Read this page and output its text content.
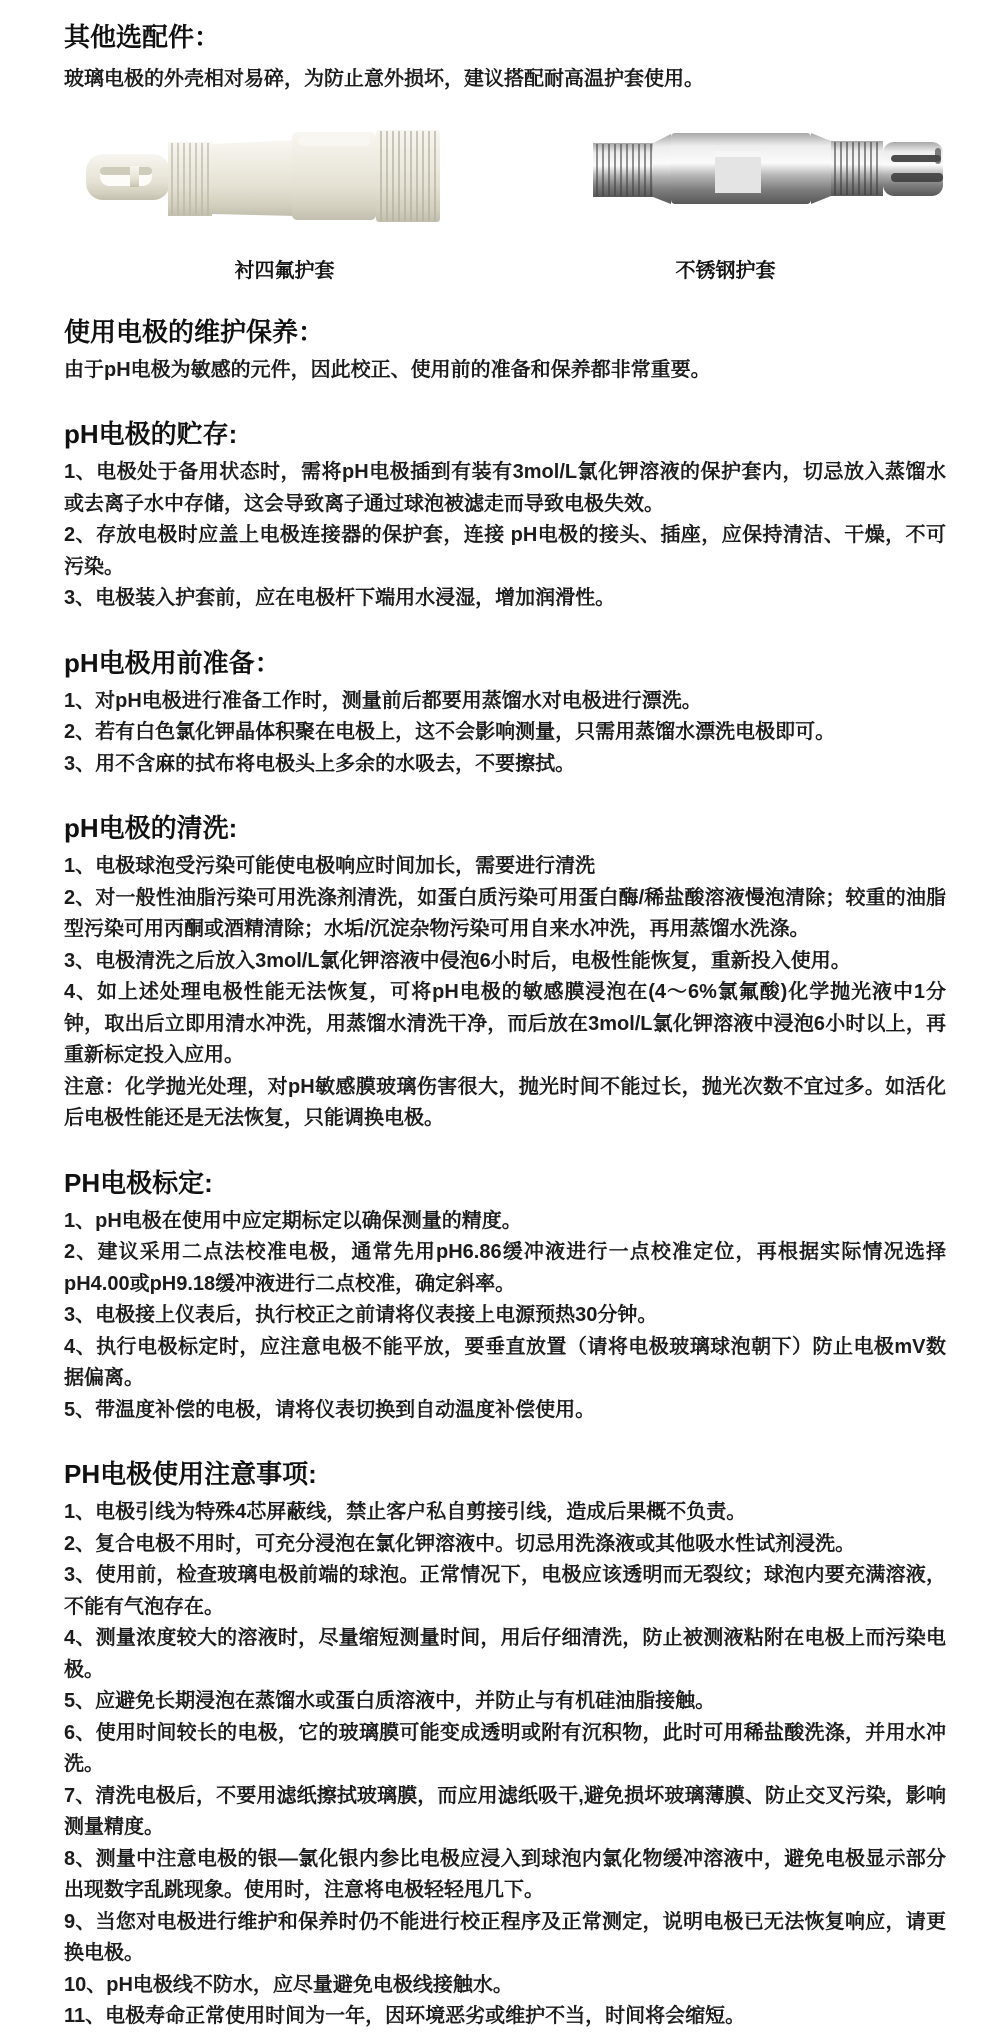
其他选配件：

玻璃电极的外壳相对易碎，为防止意外损坏，建议搭配耐高温护套使用。

衬四氟护套	不锈钢护套
使用电极的维护保养：

由于pH电极为敏感的元件，因此校正、使用前的准备和保养都非常重要。

pH电极的贮存:

1、电极处于备用状态时，需将pH电极插到有装有3mol/L氯化钾溶液的保护套内，切忌放入蒸馏水或去离子水中存储，这会导致离子通过球泡被滤走而导致电极失效。

2、存放电极时应盖上电极连接器的保护套，连接 pH电极的接头、插座，应保持清洁、干燥，不可污染。

3、电极装入护套前，应在电极杆下端用水浸湿，增加润滑性。

pH电极用前准备：

1、对pH电极进行准备工作时，测量前后都要用蒸馏水对电极进行漂洗。

2、若有白色氯化钾晶体积聚在电极上，这不会影响测量，只需用蒸馏水漂洗电极即可。

3、用不含麻的拭布将电极头上多余的水吸去，不要擦拭。

pH电极的清洗:

1、电极球泡受污染可能使电极响应时间加长，需要进行清洗

2、对一般性油脂污染可用洗涤剂清洗，如蛋白质污染可用蛋白酶/稀盐酸溶液慢泡清除；较重的油脂型污染可用丙酮或酒精清除；水垢/沉淀杂物污染可用自来水冲洗，再用蒸馏水洗涤。

3、电极清洗之后放入3mol/L氯化钾溶液中侵泡6小时后，电极性能恢复，重新投入使用。

4、如上述处理电极性能无法恢复，可将pH电极的敏感膜浸泡在(4～6%氯氟酸)化学抛光液中1分钟，取出后立即用清水冲洗，用蒸馏水清洗干净，而后放在3mol/L氯化钾溶液中浸泡6小时以上，再重新标定投入应用。

注意：化学抛光处理，对pH敏感膜玻璃伤害很大，抛光时间不能过长，抛光次数不宜过多。如活化后电极性能还是无法恢复，只能调换电极。

PH电极标定:

1、pH电极在使用中应定期标定以确保测量的精度。

2、建议采用二点法校准电极，通常先用pH6.86缓冲液进行一点校准定位，再根据实际情况选择pH4.00或pH9.18缓冲液进行二点校准，确定斜率。

3、电极接上仪表后，执行校正之前请将仪表接上电源预热30分钟。

4、执行电极标定时，应注意电极不能平放，要垂直放置（请将电极玻璃球泡朝下）防止电极mV数据偏离。

5、带温度补偿的电极，请将仪表切换到自动温度补偿使用。

PH电极使用注意事项:

1、电极引线为特殊4芯屏蔽线，禁止客户私自剪接引线，造成后果概不负责。

2、复合电极不用时，可充分浸泡在氯化钾溶液中。切忌用洗涤液或其他吸水性试剂浸洗。

3、使用前，检查玻璃电极前端的球泡。正常情况下，电极应该透明而无裂纹；球泡内要充满溶液，不能有气泡存在。

4、测量浓度较大的溶液时，尽量缩短测量时间，用后仔细清洗，防止被测液粘附在电极上而污染电极。

5、应避免长期浸泡在蒸馏水或蛋白质溶液中，并防止与有机硅油脂接触。

6、使用时间较长的电极，它的玻璃膜可能变成透明或附有沉积物，此时可用稀盐酸洗涤，并用水冲洗。

7、清洗电极后，不要用滤纸擦拭玻璃膜，而应用滤纸吸干,避免损坏玻璃薄膜、防止交叉污染，影响测量精度。

8、测量中注意电极的银—氯化银内参比电极应浸入到球泡内氯化物缓冲溶液中，避免电极显示部分出现数字乱跳现象。使用时，注意将电极轻轻甩几下。

9、当您对电极进行维护和保养时仍不能进行校正程序及正常测定，说明电极已无法恢复响应，请更换电极。

10、pH电极线不防水，应尽量避免电极线接触水。

11、电极寿命正常使用时间为一年，因环境恶劣或维护不当，时间将会缩短。
